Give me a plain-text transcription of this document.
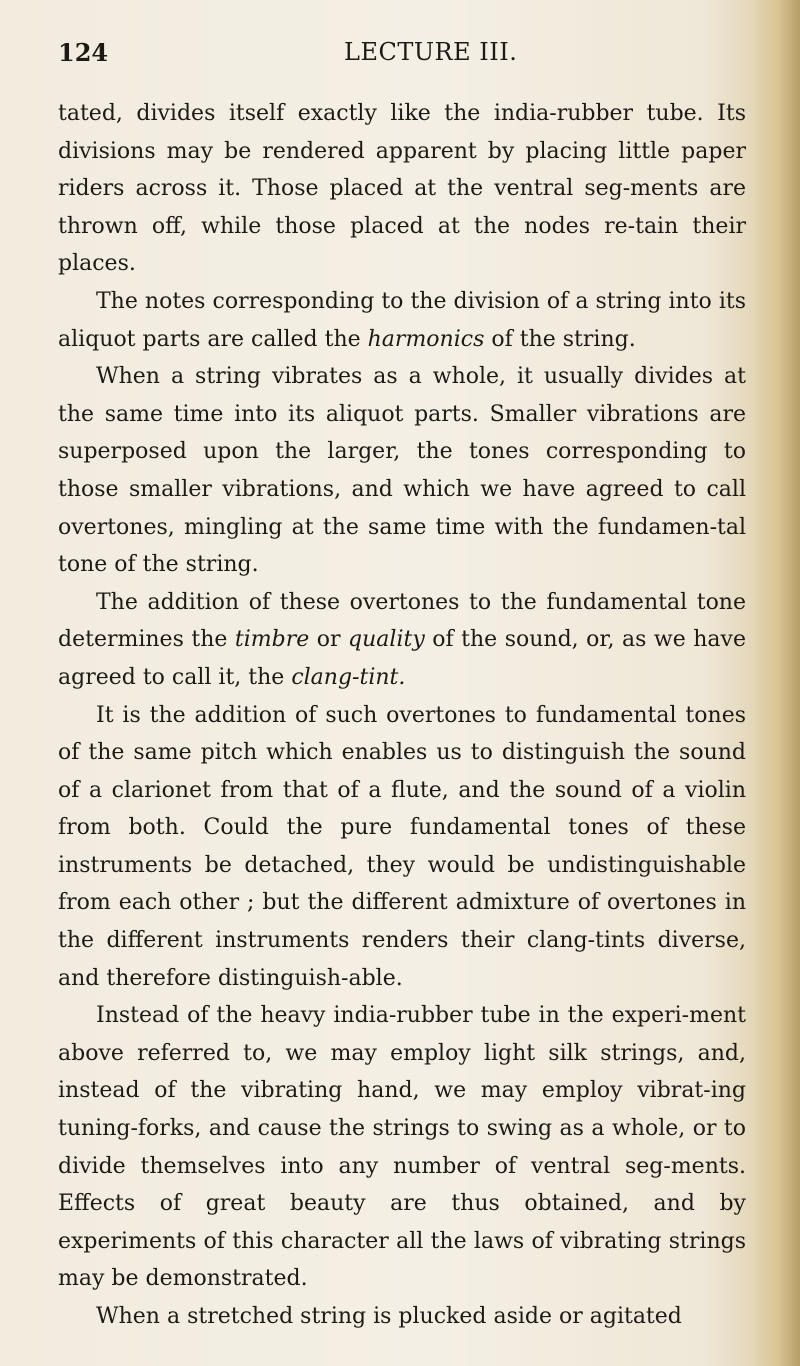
124	LECTURE III.

tated, divides itself exactly like the india-rubber tube. Its divisions may be rendered apparent by placing little paper riders across it. Those placed at the ventral seg-ments are thrown off, while those placed at the nodes re-tain their places.

The notes corresponding to the division of a string into its aliquot parts are called the harmonics of the string.

When a string vibrates as a whole, it usually divides at the same time into its aliquot parts. Smaller vibrations are superposed upon the larger, the tones corresponding to those smaller vibrations, and which we have agreed to call overtones, mingling at the same time with the fundamen-tal tone of the string.

The addition of these overtones to the fundamental tone determines the timbre or quality of the sound, or, as we have agreed to call it, the clang-tint.

It is the addition of such overtones to fundamental tones of the same pitch which enables us to distinguish the sound of a clarionet from that of a flute, and the sound of a violin from both. Could the pure fundamental tones of these instruments be detached, they would be undistinguishable from each other ; but the different admixture of overtones in the different instruments renders their clang-tints diverse, and therefore distinguish-able.

Instead of the heavy india-rubber tube in the experi-ment above referred to, we may employ light silk strings, and, instead of the vibrating hand, we may employ vibrat-ing tuning-forks, and cause the strings to swing as a whole, or to divide themselves into any number of ventral seg-ments. Effects of great beauty are thus obtained, and by experiments of this character all the laws of vibrating strings may be demonstrated.

When a stretched string is plucked aside or agitated
